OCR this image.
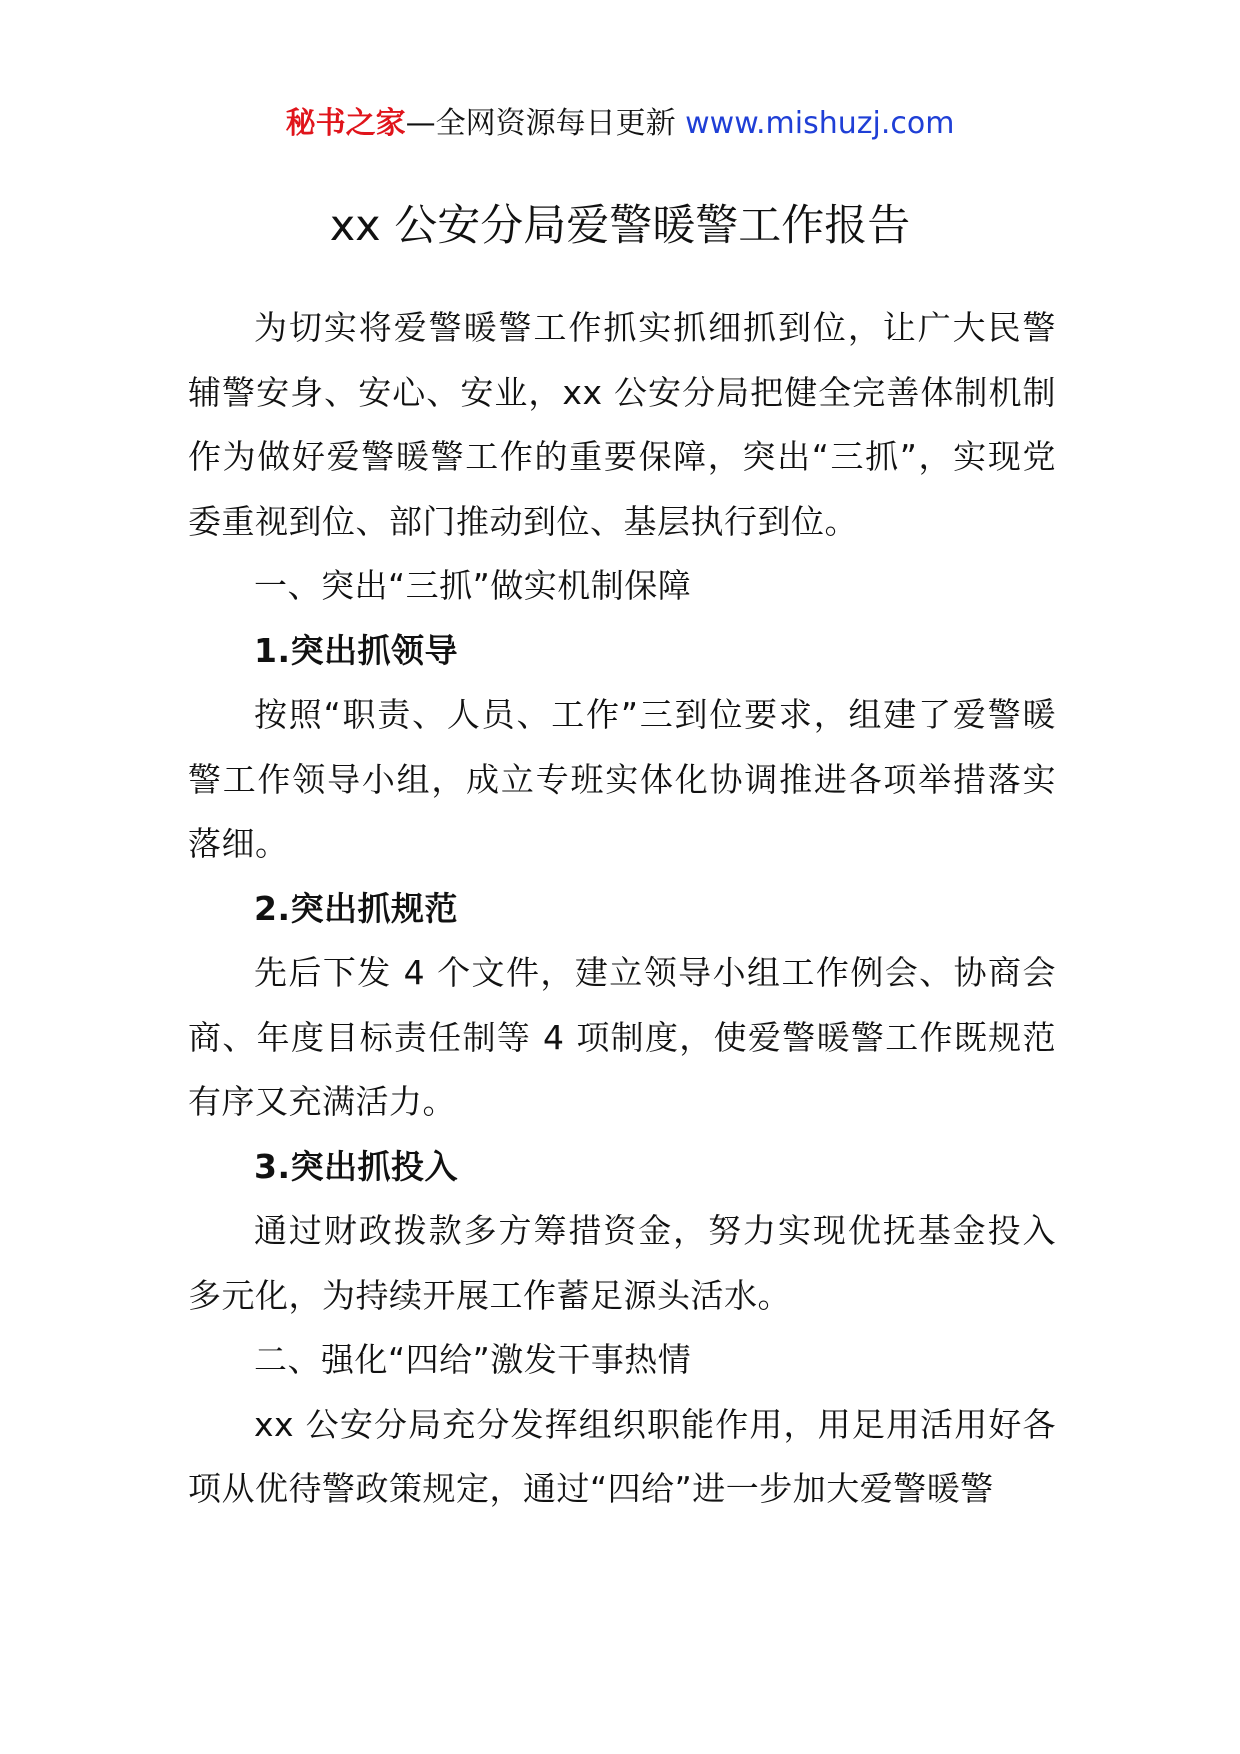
秘书之家—全网资源每日更新 www.mishuzj.com
xx 公安分局爱警暖警工作报告

为切实将爱警暖警工作抓实抓细抓到位，让广大民警辅警安身、安心、安业，xx 公安分局把健全完善体制机制作为做好爱警暖警工作的重要保障，突出“三抓”，实现党委重视到位、部门推动到位、基层执行到位。

一、突出“三抓”做实机制保障

1.突出抓领导

按照“职责、人员、工作”三到位要求，组建了爱警暖警工作领导小组，成立专班实体化协调推进各项举措落实落细。

2.突出抓规范

先后下发 4 个文件，建立领导小组工作例会、协商会商、年度目标责任制等 4 项制度，使爱警暖警工作既规范有序又充满活力。

3.突出抓投入

通过财政拨款多方筹措资金，努力实现优抚基金投入多元化，为持续开展工作蓄足源头活水。

二、强化“四给”激发干事热情

xx 公安分局充分发挥组织职能作用，用足用活用好各项从优待警政策规定，通过“四给”进一步加大爱警暖警
